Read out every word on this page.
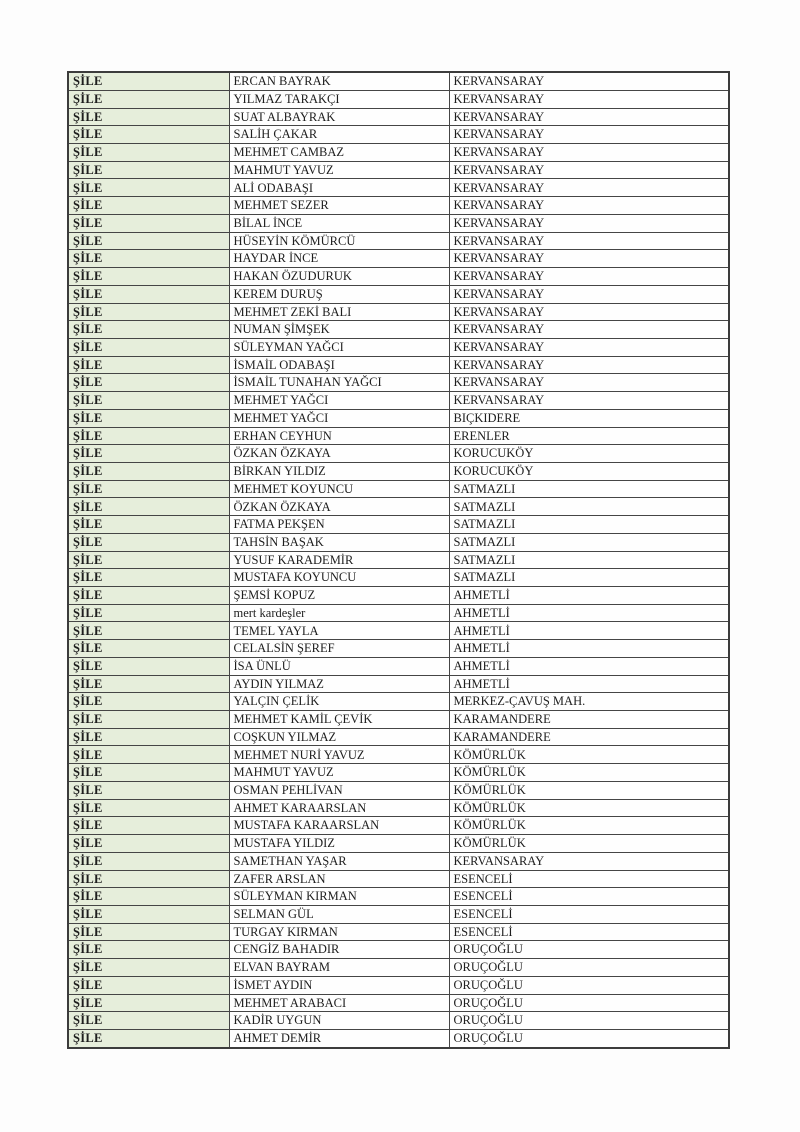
ŞİLE	ERCAN BAYRAK	KERVANSARAY
ŞİLE	YILMAZ TARAKÇI	KERVANSARAY
ŞİLE	SUAT ALBAYRAK	KERVANSARAY
ŞİLE	SALİH ÇAKAR	KERVANSARAY
ŞİLE	MEHMET CAMBAZ	KERVANSARAY
ŞİLE	MAHMUT YAVUZ	KERVANSARAY
ŞİLE	ALİ ODABAŞI	KERVANSARAY
ŞİLE	MEHMET SEZER	KERVANSARAY
ŞİLE	BİLAL İNCE	KERVANSARAY
ŞİLE	HÜSEYİN KÖMÜRCÜ	KERVANSARAY
ŞİLE	HAYDAR İNCE	KERVANSARAY
ŞİLE	HAKAN ÖZUDURUK	KERVANSARAY
ŞİLE	KEREM DURUŞ	KERVANSARAY
ŞİLE	MEHMET ZEKİ BALI	KERVANSARAY
ŞİLE	NUMAN ŞİMŞEK	KERVANSARAY
ŞİLE	SÜLEYMAN YAĞCI	KERVANSARAY
ŞİLE	İSMAİL ODABAŞI	KERVANSARAY
ŞİLE	İSMAİL TUNAHAN YAĞCI	KERVANSARAY
ŞİLE	MEHMET YAĞCI	KERVANSARAY
ŞİLE	MEHMET YAĞCI	BIÇKIDERE
ŞİLE	ERHAN CEYHUN	ERENLER
ŞİLE	ÖZKAN ÖZKAYA	KORUCUKÖY
ŞİLE	BİRKAN YILDIZ	KORUCUKÖY
ŞİLE	MEHMET KOYUNCU	SATMAZLI
ŞİLE	ÖZKAN ÖZKAYA	SATMAZLI
ŞİLE	FATMA PEKŞEN	SATMAZLI
ŞİLE	TAHSİN BAŞAK	SATMAZLI
ŞİLE	YUSUF KARADEMİR	SATMAZLI
ŞİLE	MUSTAFA KOYUNCU	SATMAZLI
ŞİLE	ŞEMSİ KOPUZ	AHMETLİ
ŞİLE	mert kardeşler	AHMETLİ
ŞİLE	TEMEL YAYLA	AHMETLİ
ŞİLE	CELALSİN ŞEREF	AHMETLİ
ŞİLE	İSA ÜNLÜ	AHMETLİ
ŞİLE	AYDIN YILMAZ	AHMETLİ
ŞİLE	YALÇIN ÇELİK	MERKEZ-ÇAVUŞ MAH.
ŞİLE	MEHMET KAMİL ÇEVİK	KARAMANDERE
ŞİLE	COŞKUN YILMAZ	KARAMANDERE
ŞİLE	MEHMET NURİ YAVUZ	KÖMÜRLÜK
ŞİLE	MAHMUT YAVUZ	KÖMÜRLÜK
ŞİLE	OSMAN PEHLİVAN	KÖMÜRLÜK
ŞİLE	AHMET KARAARSLAN	KÖMÜRLÜK
ŞİLE	MUSTAFA KARAARSLAN	KÖMÜRLÜK
ŞİLE	MUSTAFA YILDIZ	KÖMÜRLÜK
ŞİLE	SAMETHAN YAŞAR	KERVANSARAY
ŞİLE	ZAFER ARSLAN	ESENCELİ
ŞİLE	SÜLEYMAN KIRMAN	ESENCELİ
ŞİLE	SELMAN GÜL	ESENCELİ
ŞİLE	TURGAY KIRMAN	ESENCELİ
ŞİLE	CENGİZ BAHADIR	ORUÇOĞLU
ŞİLE	ELVAN BAYRAM	ORUÇOĞLU
ŞİLE	İSMET AYDIN	ORUÇOĞLU
ŞİLE	MEHMET ARABACI	ORUÇOĞLU
ŞİLE	KADİR UYGUN	ORUÇOĞLU
ŞİLE	AHMET DEMİR	ORUÇOĞLU
